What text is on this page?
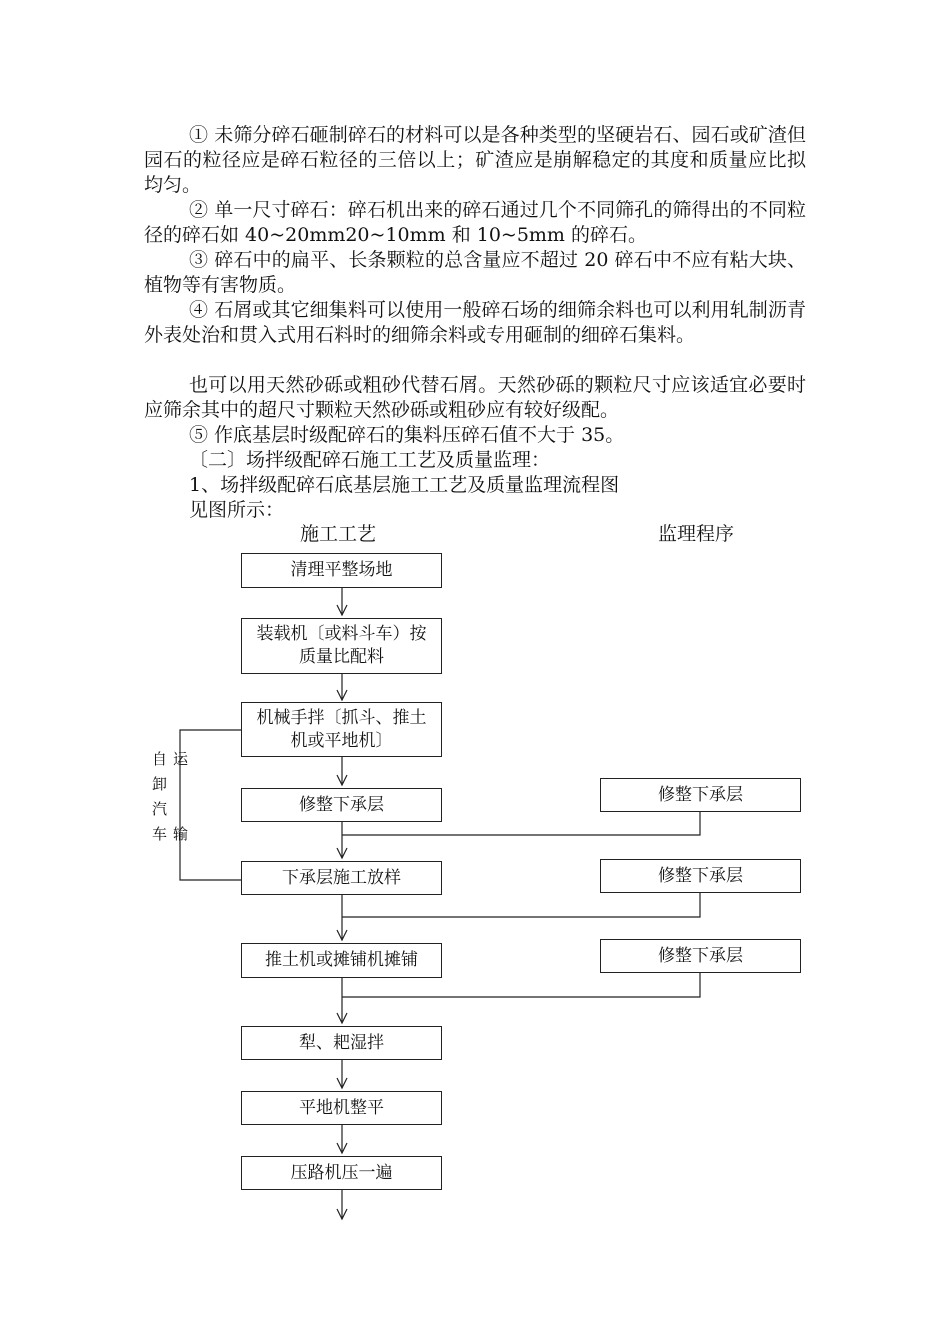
① 未筛分碎石砸制碎石的材料可以是各种类型的坚硬岩石、园石或矿渣但园石的粒径应是碎石粒径的三倍以上；矿渣应是崩解稳定的其度和质量应比拟均匀。

② 单一尺寸碎石：碎石机出来的碎石通过几个不同筛孔的筛得出的不同粒径的碎石如 40~20mm20~10mm 和 10~5mm 的碎石。

③ 碎石中的扁平、长条颗粒的总含量应不超过 20 碎石中不应有粘大块、植物等有害物质。

④ 石屑或其它细集料可以使用一般碎石场的细筛余料也可以利用轧制沥青外表处治和贯入式用石料时的细筛余料或专用砸制的细碎石集料。

也可以用天然砂砾或粗砂代替石屑。天然砂砾的颗粒尺寸应该适宜必要时应筛余其中的超尺寸颗粒天然砂砾或粗砂应有较好级配。

⑤ 作底基层时级配碎石的集料压碎石值不大于 35。

〔二〕场拌级配碎石施工工艺及质量监理：
1、场拌级配碎石底基层施工工艺及质量监理流程图
见图所示：
施工工艺	监理程序
清理平整场地
装载机〔或料斗车）按质量比配料
机械手拌〔抓斗、推土机或平地机〕
修整下承层
下承层施工放样
推土机或摊铺机摊铺
犁、耙湿拌
平地机整平
压路机压一遍
修整下承层
修整下承层
修整下承层
自
卸
汽
车
运
输
